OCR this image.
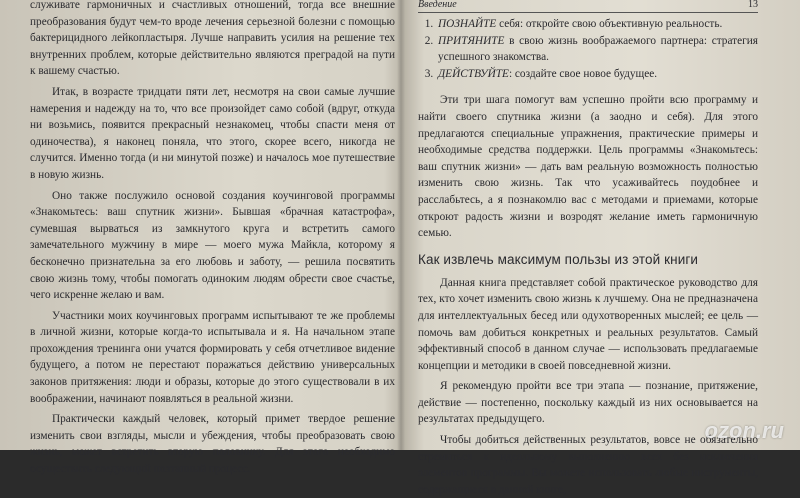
служивате гармоничных и счастливых отношений, тогда все внешние преобразования будут чем-то вроде лечения серьезной болезни с помощью бактерицидного лейкопластыря. Лучше направить усилия на решение тех внутренних проблем, которые действительно являются преградой на пути к вашему счастью.

Итак, в возрасте тридцати пяти лет, несмотря на свои самые лучшие намерения и надежду на то, что все произойдет само собой (вдруг, откуда ни возьмись, появится прекрасный незнакомец, чтобы спасти меня от одиночества), я наконец поняла, что этого, скорее всего, никогда не случится. Именно тогда (и ни минутой позже) и началось мое путешествие в новую жизнь.

Оно также послужило основой создания коучинговой программы «Знакомьтесь: ваш спутник жизни». Бывшая «брачная катастрофа», сумевшая вырваться из замкнутого круга и встретить самого замечательного мужчину в мире — моего мужа Майкла, которому я бесконечно признательна за его любовь и заботу, — решила посвятить свою жизнь тому, чтобы помогать одиноким людям обрести свое счастье, чего искренне желаю и вам.

Участники моих коучинговых программ испытывают те же проблемы в личной жизни, которые когда-то испытывала и я. На начальном этапе прохождения тренинга они учатся формировать у себя отчетливое видение будущего, а потом не перестают поражаться действию универсальных законов притяжения: люди и образы, которые до этого существовали в их воображении, начинают появляться в реальной жизни.

Практически каждый человек, который примет твердое решение изменить свои взгляды, мысли и убеждения, чтобы преобразовать свою жизнь, может встретить вторую половинку. Для этого необходимо осуществить следующий поэтапный процесс.

Введение	13
1. ПОЗНАЙТЕ себя: откройте свою объективную реальность.
2. ПРИТЯНИТЕ в свою жизнь воображаемого партнера: стратегия успешного знакомства.
3. ДЕЙСТВУЙТЕ: создайте свое новое будущее.

Эти три шага помогут вам успешно пройти всю программу и найти своего спутника жизни (а заодно и себя). Для этого предлагаются специальные упражнения, практические примеры и необходимые средства поддержки. Цель программы «Знакомьтесь: ваш спутник жизни» — дать вам реальную возможность полностью изменить свою жизнь. Так что усаживайтесь поудобнее и расслабьтесь, а я познакомлю вас с методами и приемами, которые откроют радость жизни и возродят желание иметь гармоничную семью.

Как извлечь максимум пользы из этой книги

Данная книга представляет собой практическое руководство для тех, кто хочет изменить свою жизнь к лучшему. Она не предназначена для интеллектуальных бесед или одухотворенных мыслей; ее цель — помочь вам добиться конкретных и реальных результатов. Самый эффективный способ в данном случае — использовать предлагаемые концепции и методики в своей повседневной жизни.

Я рекомендую пройти все три этапа — познание, притяжение, действие — постепенно, поскольку каждый из них основывается на результатах предыдущего.

Чтобы добиться действенных результатов, вовсе не обязательно стремиться к идеальному выполнению всех без исключения элементов программы. Вы можете использовать любые инструменты, содержащиеся в данной книге,

ozon.ru
